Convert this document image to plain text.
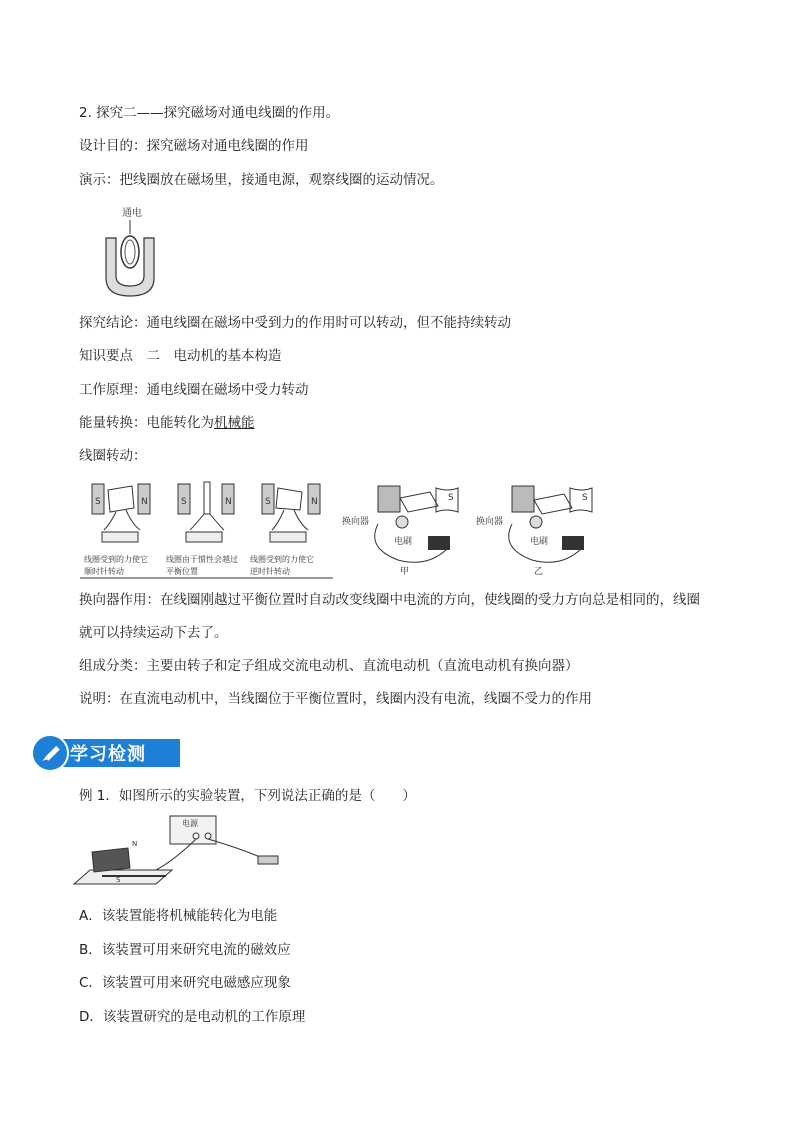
2. 探究二——探究磁场对通电线圈的作用。
设计目的：探究磁场对通电线圈的作用
演示：把线圈放在磁场里，接通电源，观察线圈的运动情况。
通电
探究结论：通电线圈在磁场中受到力的作用时可以转动，但不能持续转动
知识要点　二　电动机的基本构造
工作原理：通电线圈在磁场中受力转动
能量转换：电能转化为机械能
线圈转动：
S	N
线圈受到的力使它
顺时针转动
S	N
线圈由于惯性会越过
平衡位置
S	N
线圈受到的力使它
逆时针转动
S
换向器
电刷
甲
S
换向器
电刷
乙
换向器作用：在线圈刚越过平衡位置时自动改变线圈中电流的方向，使线圈的受力方向总是相同的，线圈
就可以持续运动下去了。
组成分类：主要由转子和定子组成交流电动机、直流电动机（直流电动机有换向器）
说明：在直流电动机中，当线圈位于平衡位置时，线圈内没有电流，线圈不受力的作用
学习检测
例 1．如图所示的实验装置，下列说法正确的是（　　）
电源
N
S
A．该装置能将机械能转化为电能
B．该装置可用来研究电流的磁效应
C．该装置可用来研究电磁感应现象
D．该装置研究的是电动机的工作原理
